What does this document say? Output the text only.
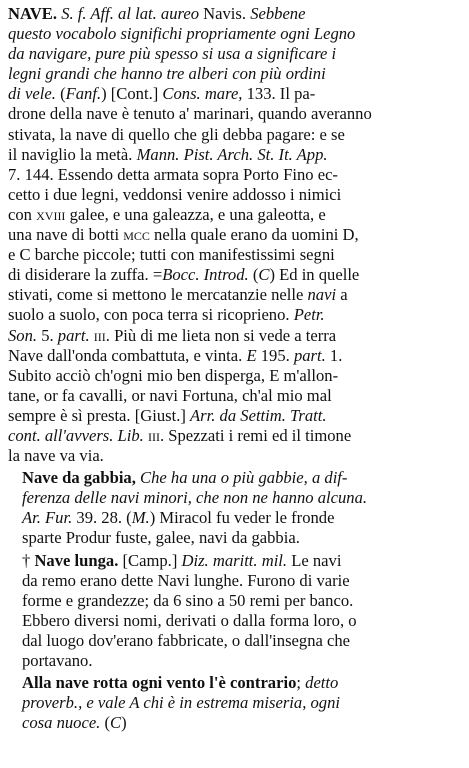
NAVE. S. f. Aff. al lat. aureo Navis. Sebbene
questo vocabolo significhi propriamente ogni Legno
da navigare, pure più spesso si usa a significare i
legni grandi che hanno tre alberi con più ordini
di vele. (Fanf.) [Cont.] Cons. mare, 133. Il pa-
drone della nave è tenuto a' marinari, quando averanno
stivata, la nave di quello che gli debba pagare: e se
il naviglio la metà. Mann. Pist. Arch. St. It. App.
7. 144. Essendo detta armata sopra Porto Fino ec-
cetto i due legni, veddonsi venire addosso i nimici
con xviii galee, e una galeazza, e una galeotta, e
una nave di botti mcc nella quale erano da uomini D,
e C barche piccole; tutti con manifestissimi segni
di disiderare la zuffa. =Bocc. Introd. (C) Ed in quelle
stivati, come si mettono le mercatanzie nelle navi a
suolo a suolo, con poca terra si ricoprieno. Petr.
Son. 5. part. iii. Più di me lieta non si vede a terra
Nave dall'onda combattuta, e vinta. E 195. part. 1.
Subito acciò ch'ogni mio ben disperga, E m'allon-
tane, or fa cavalli, or navi Fortuna, ch'al mio mal
sempre è sì presta. [Giust.] Arr. da Settim. Tratt.
cont. all'avvers. Lib. iii. Spezzati i remi ed il timone
la nave va via.
Nave da gabbia, Che ha una o più gabbie, a dif-
ferenza delle navi minori, che non ne hanno alcuna.
Ar. Fur. 39. 28. (M.) Miracol fu veder le fronde
sparte Produr fuste, galee, navi da gabbia.
† Nave lunga. [Camp.] Diz. maritt. mil. Le navi
da remo erano dette Navi lunghe. Furono di varie
forme e grandezze; da 6 sino a 50 remi per banco.
Ebbero diversi nomi, derivati o dalla forma loro, o
dal luogo dov'erano fabbricate, o dall'insegna che
portavano.
Alla nave rotta ogni vento l'è contrario; detto
proverb., e vale A chi è in estrema miseria, ogni
cosa nuoce. (C)
